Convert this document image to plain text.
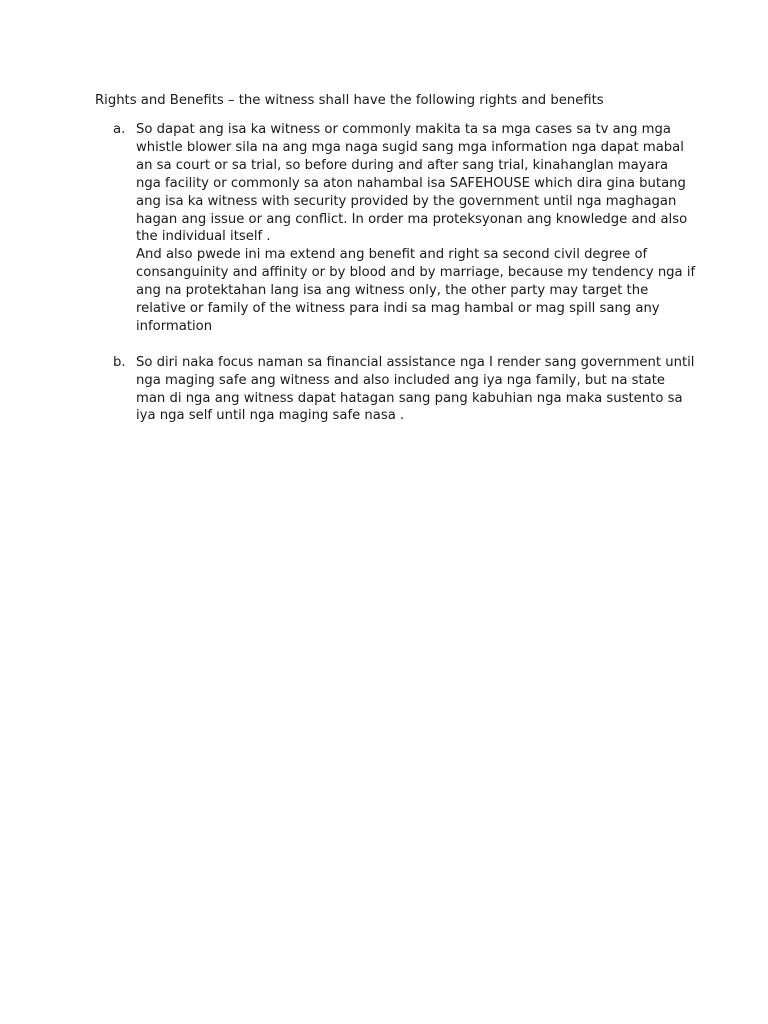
Rights and Benefits – the witness shall have the following rights and benefits
a. So dapat ang isa ka witness or commonly makita ta sa mga cases sa tv ang mga whistle blower sila na ang mga naga sugid sang mga information nga dapat mabal an sa court or sa trial, so before during and after sang trial, kinahanglan mayara nga facility or commonly sa aton nahambal isa SAFEHOUSE which dira gina butang ang isa ka witness with security provided by the government until nga maghagan hagan ang issue or ang conflict. In order ma proteksyonan ang knowledge and also the individual itself .
And also pwede ini ma extend ang benefit and right sa second civil degree of consanguinity and affinity or by blood and by marriage, because my tendency nga if ang na protektahan lang isa ang witness only, the other party may target the relative or family of the witness para indi sa mag hambal or mag spill sang any information
b. So diri naka focus naman sa financial assistance nga I render sang government until nga maging safe ang witness and also included ang iya nga family, but na state man di nga ang witness dapat hatagan sang pang kabuhian nga maka sustento sa iya nga self until nga maging safe nasa .
